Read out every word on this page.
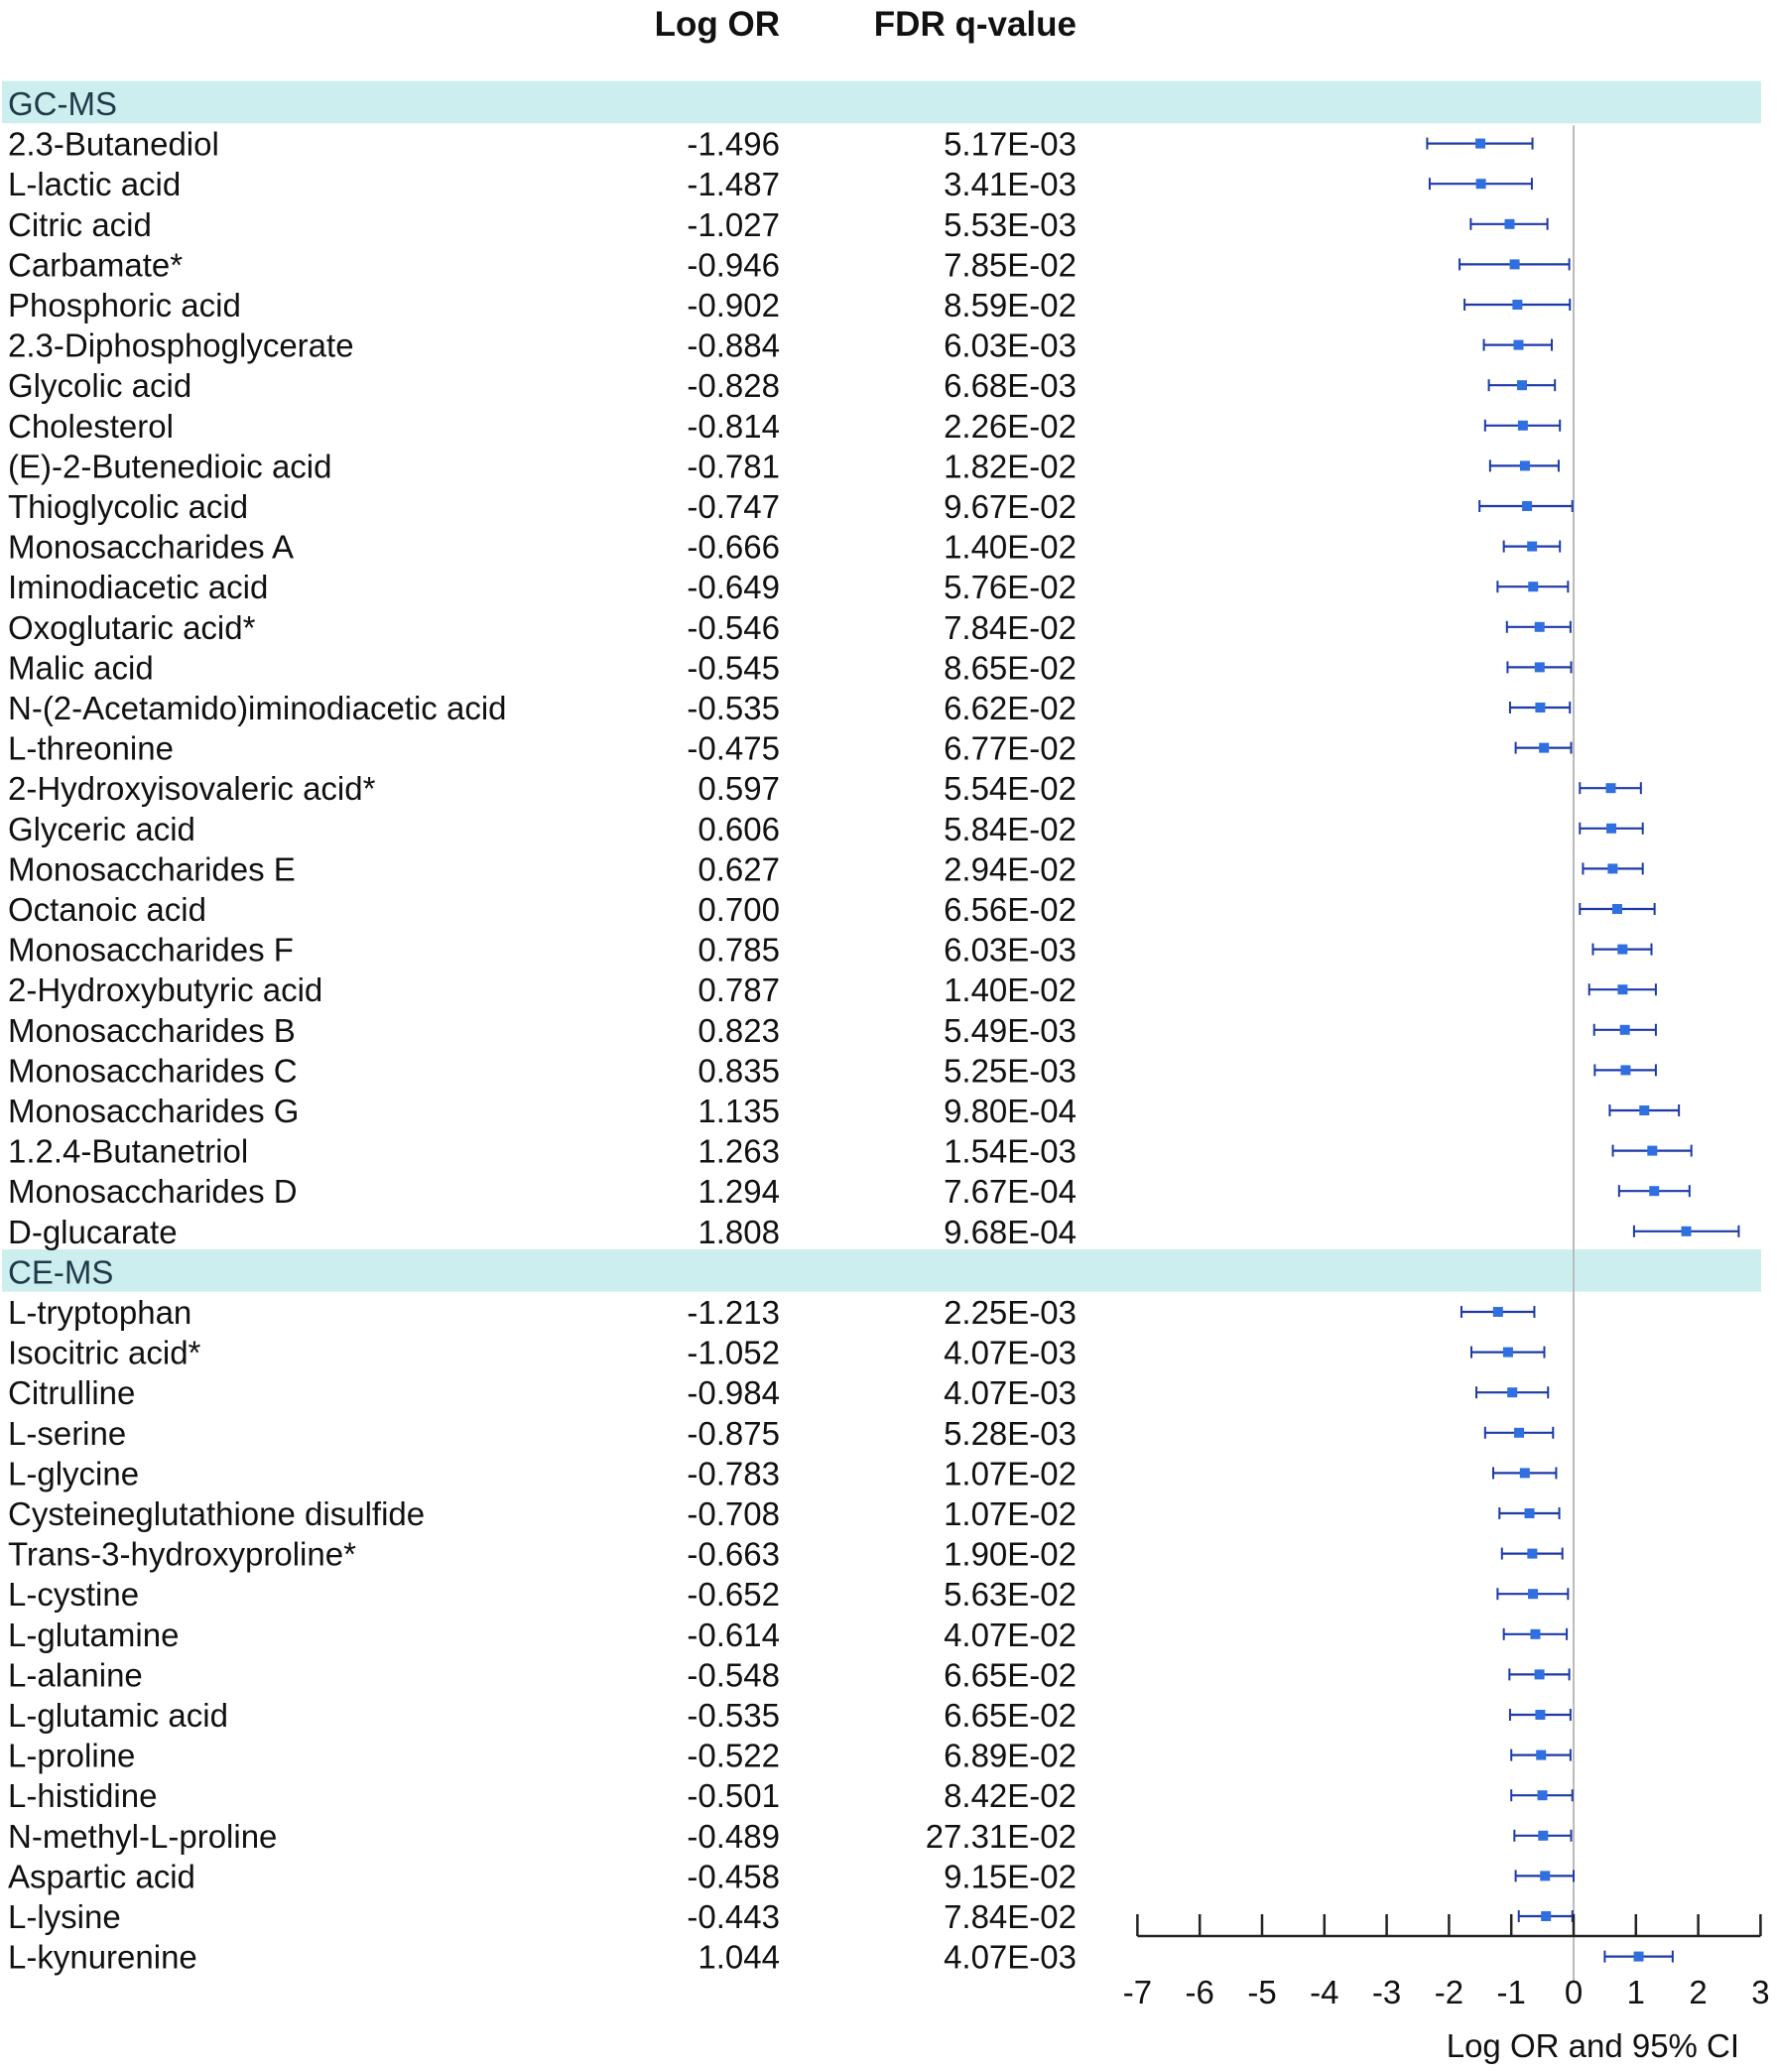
Log OR	FDR q-value
GC-MS
2.3-Butanediol	-1.496	5.17E-03
L-lactic acid	-1.487	3.41E-03
Citric acid	-1.027	5.53E-03
Carbamate*	-0.946	7.85E-02
Phosphoric acid	-0.902	8.59E-02
2.3-Diphosphoglycerate	-0.884	6.03E-03
Glycolic acid	-0.828	6.68E-03
Cholesterol	-0.814	2.26E-02
(E)-2-Butenedioic acid	-0.781	1.82E-02
Thioglycolic acid	-0.747	9.67E-02
Monosaccharides A	-0.666	1.40E-02
Iminodiacetic acid	-0.649	5.76E-02
Oxoglutaric acid*	-0.546	7.84E-02
Malic acid	-0.545	8.65E-02
N-(2-Acetamido)iminodiacetic acid	-0.535	6.62E-02
L-threonine	-0.475	6.77E-02
2-Hydroxyisovaleric acid*	0.597	5.54E-02
Glyceric acid	0.606	5.84E-02
Monosaccharides E	0.627	2.94E-02
Octanoic acid	0.700	6.56E-02
Monosaccharides F	0.785	6.03E-03
2-Hydroxybutyric acid	0.787	1.40E-02
Monosaccharides B	0.823	5.49E-03
Monosaccharides C	0.835	5.25E-03
Monosaccharides G	1.135	9.80E-04
1.2.4-Butanetriol	1.263	1.54E-03
Monosaccharides D	1.294	7.67E-04
D-glucarate	1.808	9.68E-04
CE-MS
L-tryptophan	-1.213	2.25E-03
Isocitric acid*	-1.052	4.07E-03
Citrulline	-0.984	4.07E-03
L-serine	-0.875	5.28E-03
L-glycine	-0.783	1.07E-02
Cysteineglutathione disulfide	-0.708	1.07E-02
Trans-3-hydroxyproline*	-0.663	1.90E-02
L-cystine	-0.652	5.63E-02
L-glutamine	-0.614	4.07E-02
L-alanine	-0.548	6.65E-02
L-glutamic acid	-0.535	6.65E-02
L-proline	-0.522	6.89E-02
L-histidine	-0.501	8.42E-02
N-methyl-L-proline	-0.489	27.31E-02
Aspartic acid	-0.458	9.15E-02
L-lysine	-0.443	7.84E-02
L-kynurenine	1.044	4.07E-03
-7 -6 -5 -4 -3 -2 -1 0 1 2 3
Log OR and 95% CI
